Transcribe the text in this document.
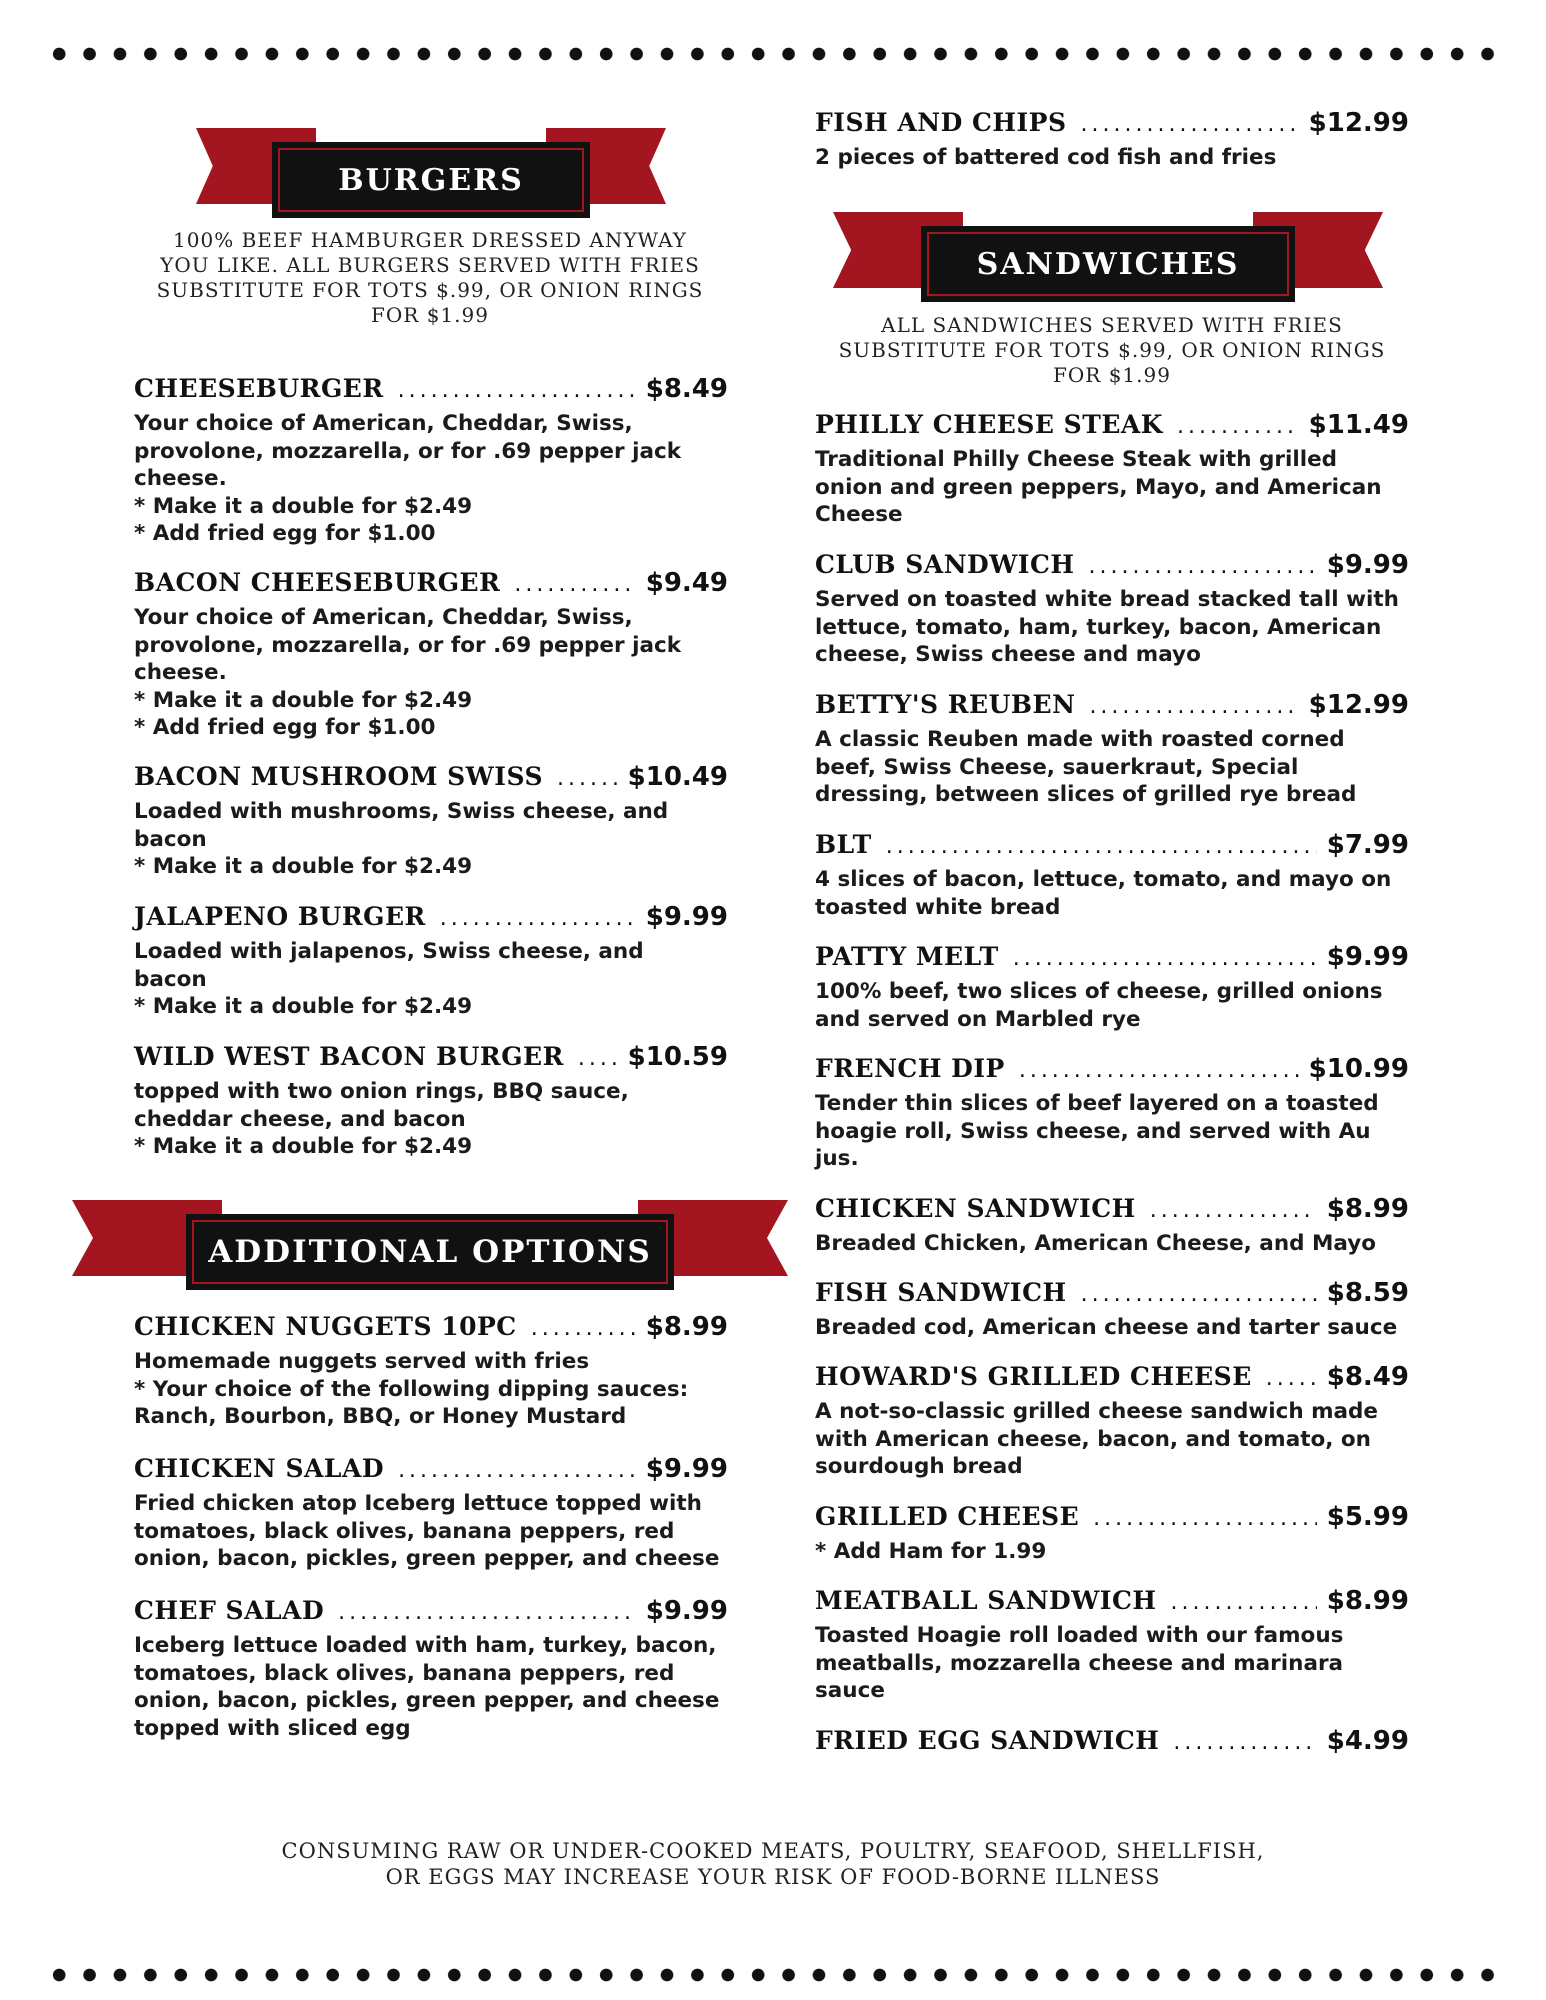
BURGERS
100% BEEF HAMBURGER DRESSED ANYWAY YOU LIKE. ALL BURGERS SERVED WITH FRIES SUBSTITUTE FOR TOTS $.99, OR ONION RINGS FOR $1.99
CHEESEBURGER .....	$8.49
Your choice of American, Cheddar, Swiss,
provolone, mozzarella, or for .69 pepper jack
cheese.
* Make it a double for $2.49
* Add fried egg for $1.00
BACON CHEESEBURGER .....	$9.49
Your choice of American, Cheddar, Swiss,
provolone, mozzarella, or for .69 pepper jack
cheese.
* Make it a double for $2.49
* Add fried egg for $1.00
BACON MUSHROOM SWISS .....	$10.49
Loaded with mushrooms, Swiss cheese, and
bacon
* Make it a double for $2.49
JALAPENO BURGER .....	$9.99
Loaded with jalapenos, Swiss cheese, and
bacon
* Make it a double for $2.49
WILD WEST BACON BURGER ..... $10.59
topped with two onion rings, BBQ sauce,
cheddar cheese, and bacon
* Make it a double for $2.49
ADDITIONAL OPTIONS
CHICKEN NUGGETS 10PC .....	$8.99
Homemade nuggets served with fries
* Your choice of the following dipping sauces:
Ranch, Bourbon, BBQ, or Honey Mustard
CHICKEN SALAD .....	$9.99
Fried chicken atop Iceberg lettuce topped with
tomatoes, black olives, banana peppers, red
onion, bacon, pickles, green pepper, and cheese
CHEF SALAD .....	$9.99
Iceberg lettuce loaded with ham, turkey, bacon,
tomatoes, black olives, banana peppers, red
onion, bacon, pickles, green pepper, and cheese
topped with sliced egg
FISH AND CHIPS .....	$12.99
2 pieces of battered cod fish and fries
SANDWICHES
ALL SANDWICHES SERVED WITH FRIES SUBSTITUTE FOR TOTS $.99, OR ONION RINGS FOR $1.99
PHILLY CHEESE STEAK .....	$11.49
Traditional Philly Cheese Steak with grilled
onion and green peppers, Mayo, and American
Cheese
CLUB SANDWICH .....	$9.99
Served on toasted white bread stacked tall with
lettuce, tomato, ham, turkey, bacon, American
cheese, Swiss cheese and mayo
BETTY'S REUBEN .....	$12.99
A classic Reuben made with roasted corned
beef, Swiss Cheese, sauerkraut, Special
dressing, between slices of grilled rye bread
BLT .....	$7.99
4 slices of bacon, lettuce, tomato, and mayo on
toasted white bread
PATTY MELT .....	$9.99
100% beef, two slices of cheese, grilled onions
and served on Marbled rye
FRENCH DIP .....	$10.99
Tender thin slices of beef layered on a toasted
hoagie roll, Swiss cheese, and served with Au
jus.
CHICKEN SANDWICH .....	$8.99
Breaded Chicken, American Cheese, and Mayo
FISH SANDWICH .....	$8.59
Breaded cod, American cheese and tarter sauce
HOWARD'S GRILLED CHEESE .....	$8.49
A not-so-classic grilled cheese sandwich made
with American cheese, bacon, and tomato, on
sourdough bread
GRILLED CHEESE .....	$5.99
* Add Ham for 1.99
MEATBALL SANDWICH .....	$8.99
Toasted Hoagie roll loaded with our famous
meatballs, mozzarella cheese and marinara
sauce
FRIED EGG SANDWICH .....	$4.99
CONSUMING RAW OR UNDER-COOKED MEATS, POULTRY, SEAFOOD, SHELLFISH,
OR EGGS MAY INCREASE YOUR RISK OF FOOD-BORNE ILLNESS
